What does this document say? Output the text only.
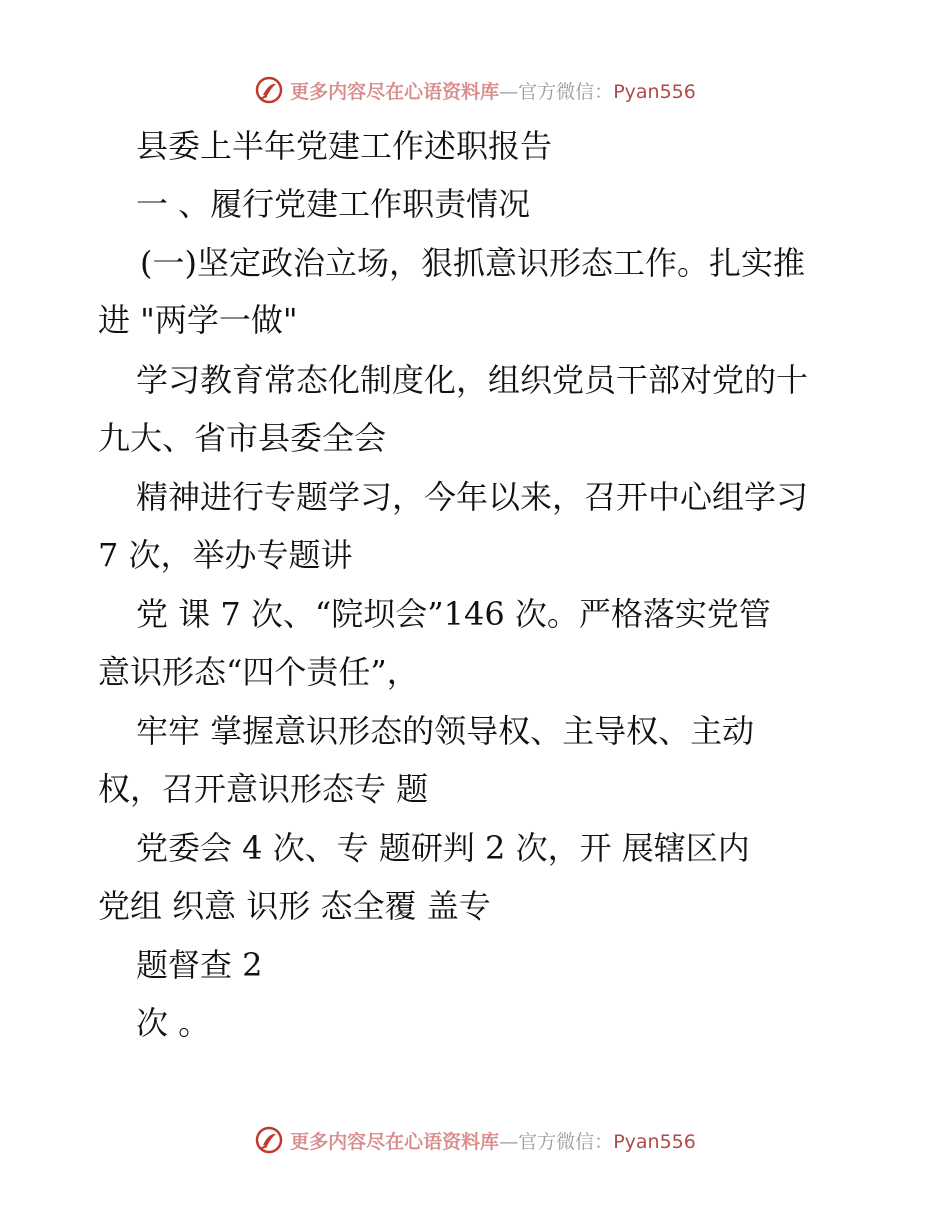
更多内容尽在心语资料库—官方微信：Pyan556
县委上半年党建工作述职报告
一 、履行党建工作职责情况
(一)坚定政治立场，狠抓意识形态工作。扎实推
进 "两学一做"
学习教育常态化制度化，组织党员干部对党的十
九大、省市县委全会
精神进行专题学习，今年以来，召开中心组学习
7 次，举办专题讲
党 课 7 次、“院坝会”146 次。严格落实党管
意识形态“四个责任”，
牢牢 掌握意识形态的领导权、主导权、主动
权，召开意识形态专 题
党委会 4 次、专 题研判 2 次，开 展辖区内
党组 织意 识形 态全覆 盖专
题督查 2
次 。
更多内容尽在心语资料库—官方微信：Pyan556
